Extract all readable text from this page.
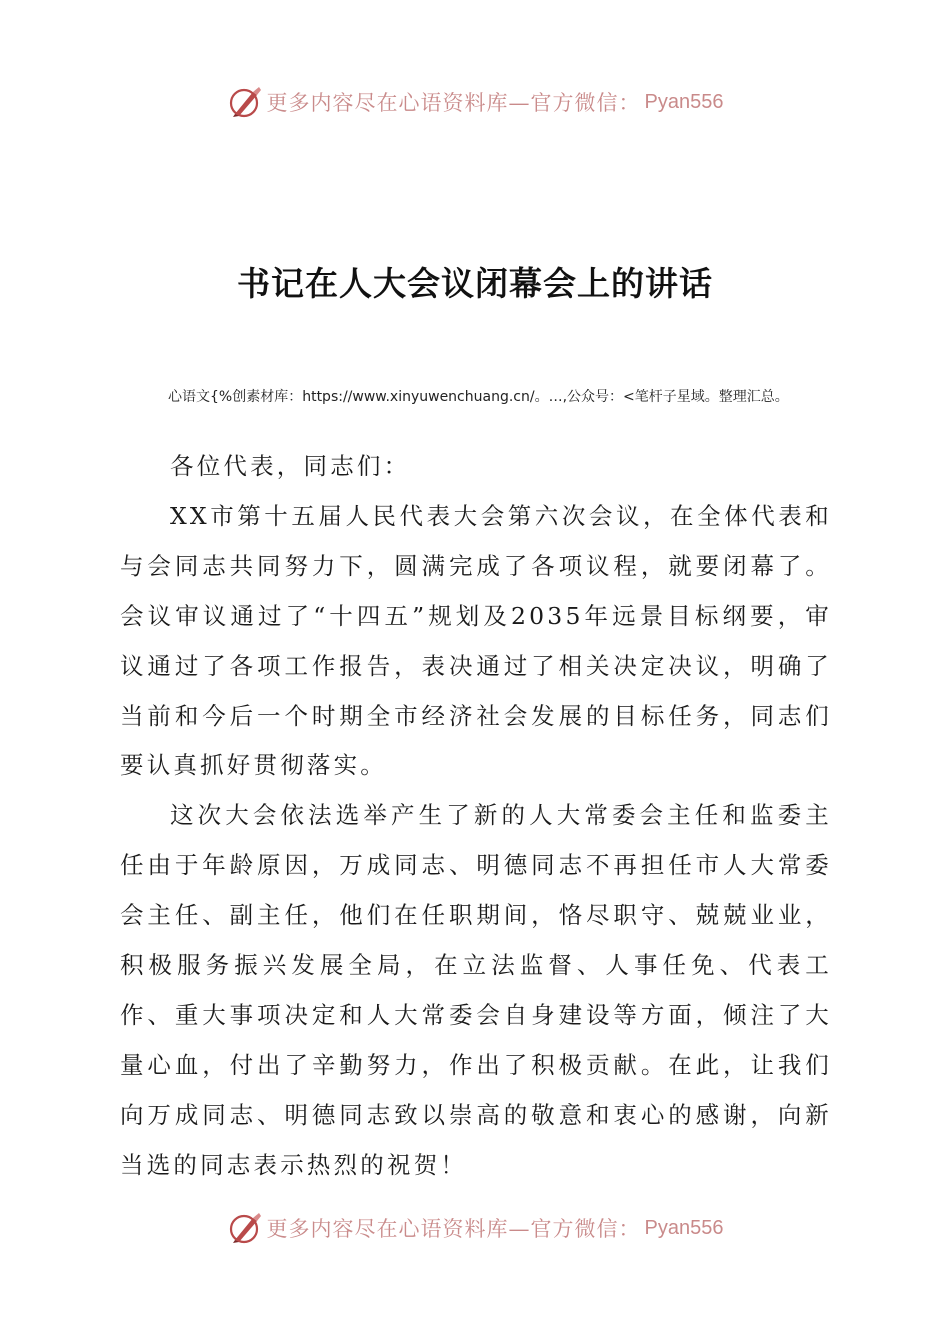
更多内容尽在心语资料库—官方微信： Pyan556
书记在人大会议闭幕会上的讲话
心语文{%创素材库：https://www.xinyuwenchuang.cn/。…,公众号：<笔杆子星域。整理汇总。

各位代表，同志们：

XX市第十五届人民代表大会第六次会议，在全体代表和与会同志共同努力下，圆满完成了各项议程，就要闭幕了。会议审议通过了“十四五”规划及2035年远景目标纲要，审议通过了各项工作报告，表决通过了相关决定决议，明确了当前和今后一个时期全市经济社会发展的目标任务，同志们要认真抓好贯彻落实。

这次大会依法选举产生了新的人大常委会主任和监委主任由于年龄原因，万成同志、明德同志不再担任市人大常委会主任、副主任，他们在任职期间，恪尽职守、兢兢业业，积极服务振兴发展全局，在立法监督、人事任免、代表工作、重大事项决定和人大常委会自身建设等方面，倾注了大量心血，付出了辛勤努力，作出了积极贡献。在此，让我们向万成同志、明德同志致以崇高的敬意和衷心的感谢，向新当选的同志表示热烈的祝贺！

更多内容尽在心语资料库—官方微信： Pyan556
